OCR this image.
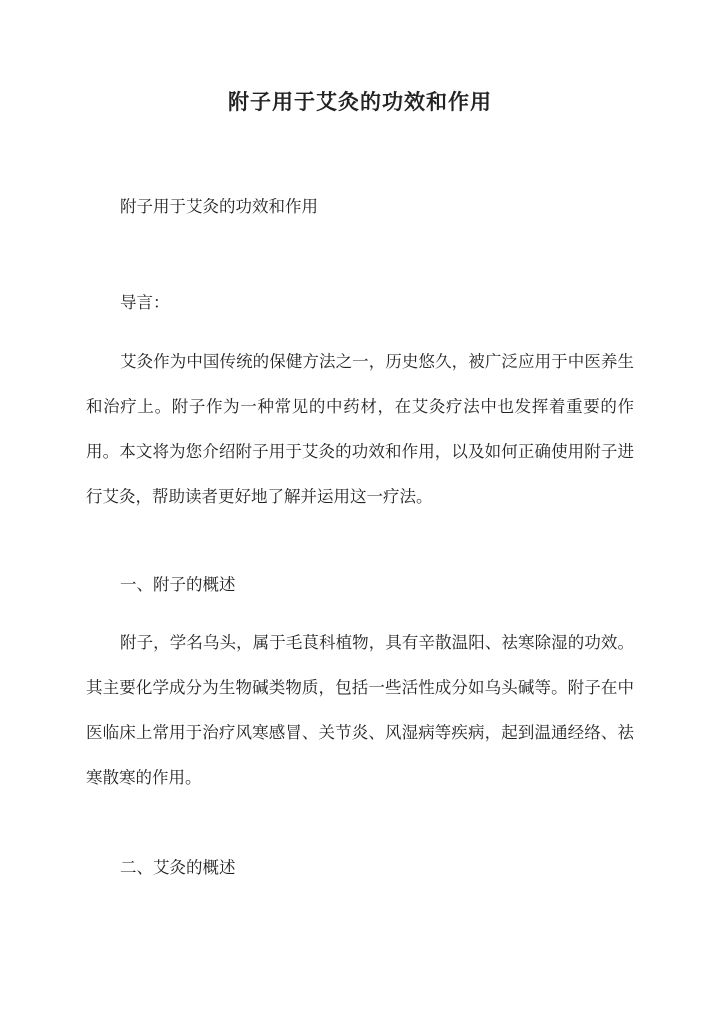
附子用于艾灸的功效和作用

附子用于艾灸的功效和作用

导言：

艾灸作为中国传统的保健方法之一，历史悠久，被广泛应用于中医养生和治疗上。附子作为一种常见的中药材，在艾灸疗法中也发挥着重要的作用。本文将为您介绍附子用于艾灸的功效和作用，以及如何正确使用附子进行艾灸，帮助读者更好地了解并运用这一疗法。

一、附子的概述

附子，学名乌头，属于毛茛科植物，具有辛散温阳、祛寒除湿的功效。其主要化学成分为生物碱类物质，包括一些活性成分如乌头碱等。附子在中医临床上常用于治疗风寒感冒、关节炎、风湿病等疾病，起到温通经络、祛寒散寒的作用。

二、艾灸的概述
